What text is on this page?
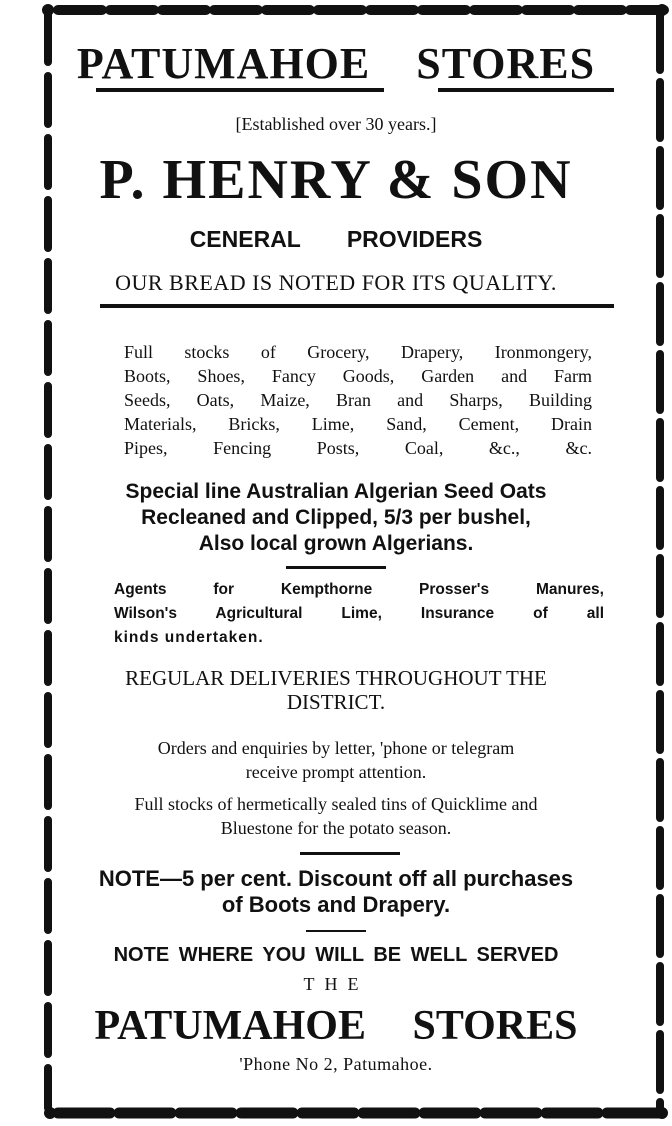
PATUMAHOE STORES
[Established over 30 years.]
P. HENRY & SON
CENERAL PROVIDERS
OUR BREAD IS NOTED FOR ITS QUALITY.
Full stocks of Grocery, Drapery, Ironmongery,
Boots, Shoes, Fancy Goods, Garden and Farm
Seeds, Oats, Maize, Bran and Sharps, Building
Materials, Bricks, Lime, Sand, Cement, Drain
Pipes, Fencing Posts, Coal, &c., &c.
Special line Australian Algerian Seed Oats
Recleaned and Clipped, 5/3 per bushel,
Also local grown Algerians.
Agents for Kempthorne Prosser's Manures,
Wilson's Agricultural Lime, Insurance of all
kinds undertaken.
REGULAR DELIVERIES THROUGHOUT THE
DISTRICT.
Orders and enquiries by letter, 'phone or telegram
receive prompt attention.
Full stocks of hermetically sealed tins of Quicklime and
Bluestone for the potato season.
NOTE—5 per cent. Discount off all purchases
of Boots and Drapery.
NOTE WHERE YOU WILL BE WELL SERVED
THE
PATUMAHOE STORES
'Phone No 2, Patumahoe.
